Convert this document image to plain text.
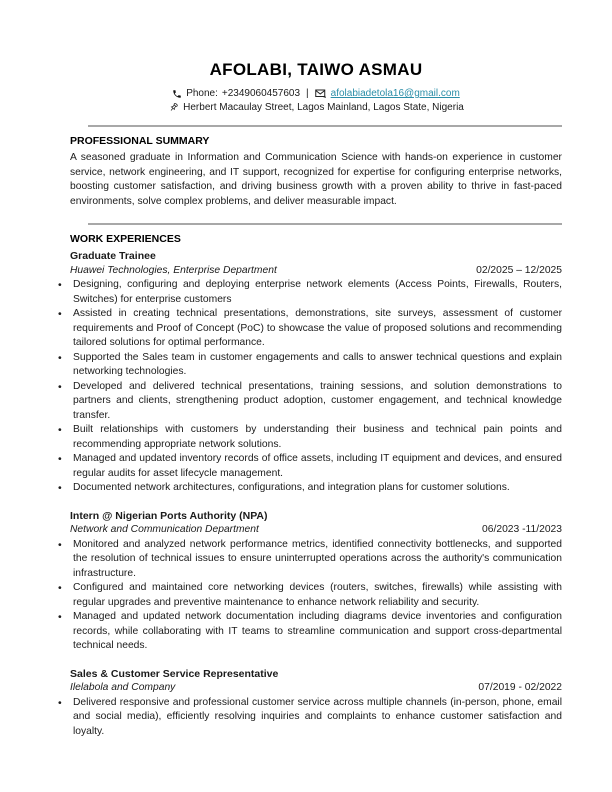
AFOLABI, TAIWO ASMAU
Phone: +2349060457603 | afolabiadetola16@gmail.com
Herbert Macaulay Street, Lagos Mainland, Lagos State, Nigeria
PROFESSIONAL SUMMARY

A seasoned graduate in Information and Communication Science with hands-on experience in customer service, network engineering, and IT support, recognized for expertise for configuring enterprise networks, boosting customer satisfaction, and driving business growth with a proven ability to thrive in fast-paced environments, solve complex problems, and deliver measurable impact.

WORK EXPERIENCES
Graduate Trainee
Huawei Technologies, Enterprise Department	02/2025 – 12/2025
• Designing, configuring and deploying enterprise network elements (Access Points, Firewalls, Routers, Switches) for enterprise customers
• Assisted in creating technical presentations, demonstrations, site surveys, assessment of customer requirements and Proof of Concept (PoC) to showcase the value of proposed solutions and recommending tailored solutions for optimal performance.
• Supported the Sales team in customer engagements and calls to answer technical questions and explain networking technologies.
• Developed and delivered technical presentations, training sessions, and solution demonstrations to partners and clients, strengthening product adoption, customer engagement, and technical knowledge transfer.
• Built relationships with customers by understanding their business and technical pain points and recommending appropriate network solutions.
• Managed and updated inventory records of office assets, including IT equipment and devices, and ensured regular audits for asset lifecycle management.
• Documented network architectures, configurations, and integration plans for customer solutions.
Intern @ Nigerian Ports Authority (NPA)
Network and Communication Department	06/2023 -11/2023
• Monitored and analyzed network performance metrics, identified connectivity bottlenecks, and supported the resolution of technical issues to ensure uninterrupted operations across the authority's communication infrastructure.
• Configured and maintained core networking devices (routers, switches, firewalls) while assisting with regular upgrades and preventive maintenance to enhance network reliability and security.
• Managed and updated network documentation including diagrams device inventories and configuration records, while collaborating with IT teams to streamline communication and support cross-departmental technical needs.
Sales & Customer Service Representative
Ilelabola and Company	07/2019 - 02/2022
• Delivered responsive and professional customer service across multiple channels (in-person, phone, email and social media), efficiently resolving inquiries and complaints to enhance customer satisfaction and loyalty.
